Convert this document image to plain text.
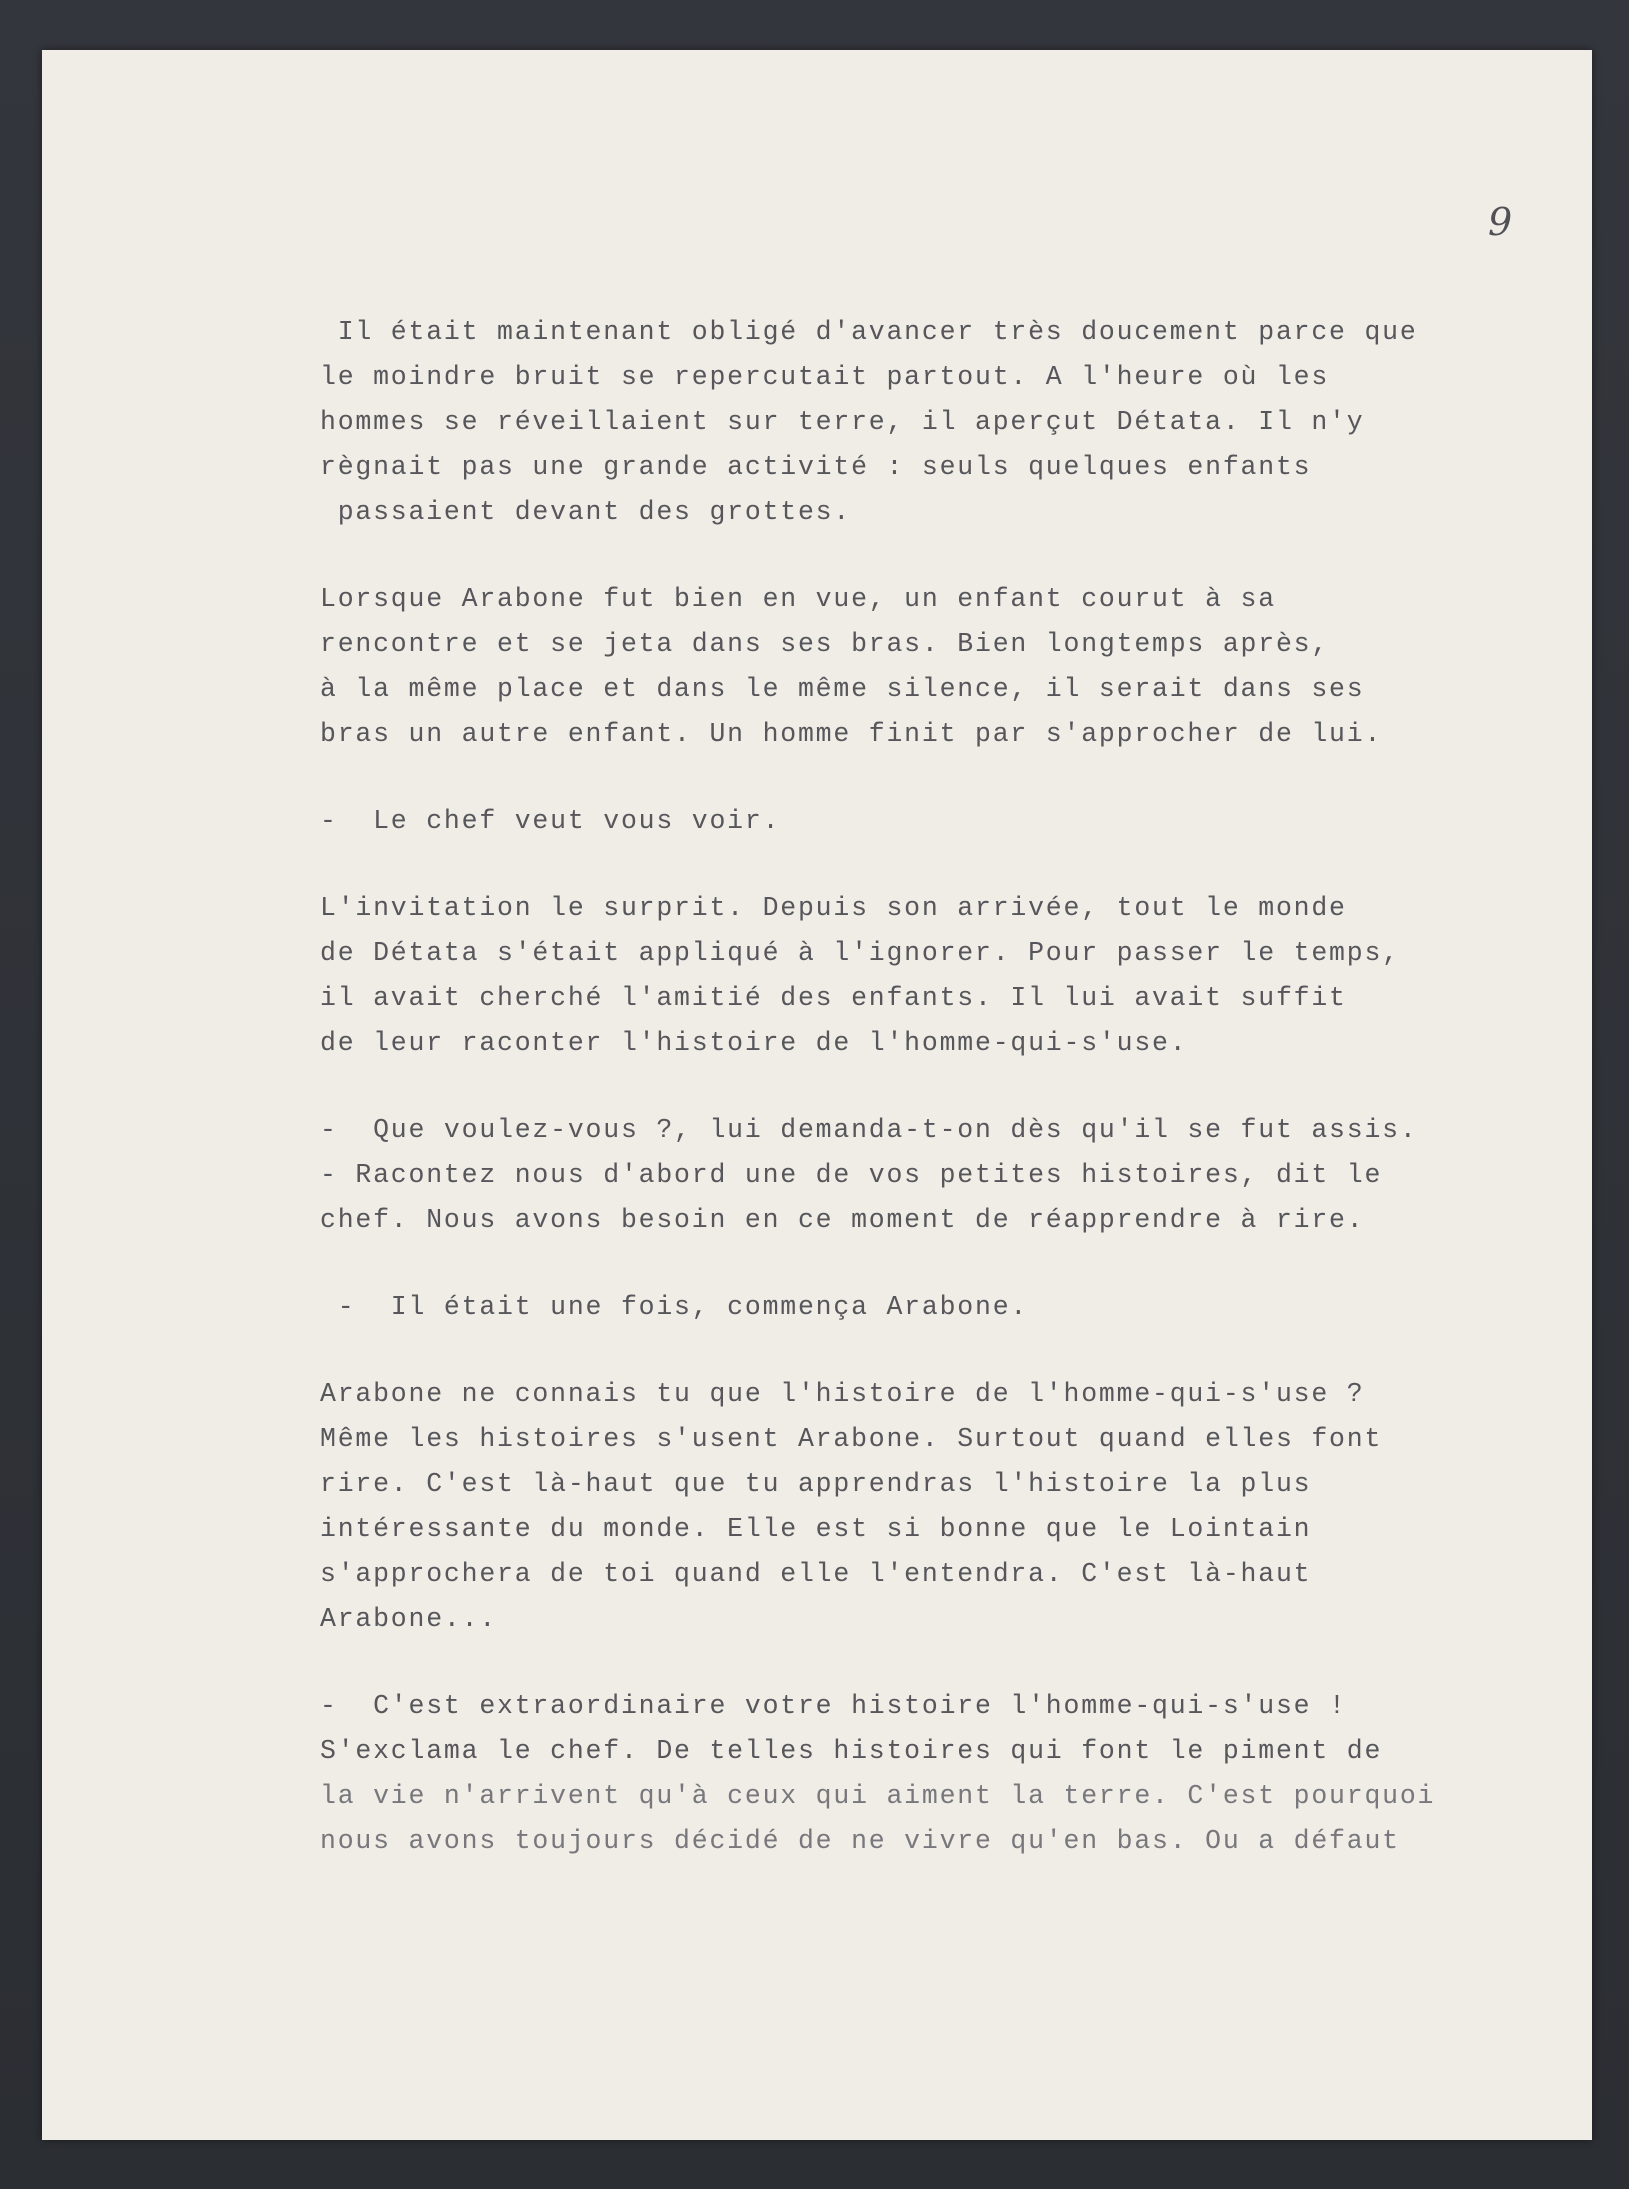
9
Il était maintenant obligé d'avancer très doucement parce que
le moindre bruit se repercutait partout. A l'heure où les
hommes se réveillaient sur terre, il aperçut Détata. Il n'y
règnait pas une grande activité : seuls quelques enfants
passaient devant des grottes.
Lorsque Arabone fut bien en vue, un enfant courut à sa
rencontre et se jeta dans ses bras. Bien longtemps après,
à la même place et dans le même silence, il serait dans ses
bras un autre enfant. Un homme finit par s'approcher de lui.
-  Le chef veut vous voir.
L'invitation le surprit. Depuis son arrivée, tout le monde
de Détata s'était appliqué à l'ignorer. Pour passer le temps,
il avait cherché l'amitié des enfants. Il lui avait suffit
de leur raconter l'histoire de l'homme-qui-s'use.
-  Que voulez-vous ?, lui demanda-t-on dès qu'il se fut assis.
- Racontez nous d'abord une de vos petites histoires, dit le
chef. Nous avons besoin en ce moment de réapprendre à rire.
-  Il était une fois, commença Arabone.
Arabone ne connais tu que l'histoire de l'homme-qui-s'use ?
Même les histoires s'usent Arabone. Surtout quand elles font
rire. C'est là-haut que tu apprendras l'histoire la plus
intéressante du monde. Elle est si bonne que le Lointain
s'approchera de toi quand elle l'entendra. C'est là-haut
Arabone...
-  C'est extraordinaire votre histoire l'homme-qui-s'use !
S'exclama le chef. De telles histoires qui font le piment de
la vie n'arrivent qu'à ceux qui aiment la terre. C'est pourquoi
nous avons toujours décidé de ne vivre qu'en bas. Ou a défaut
